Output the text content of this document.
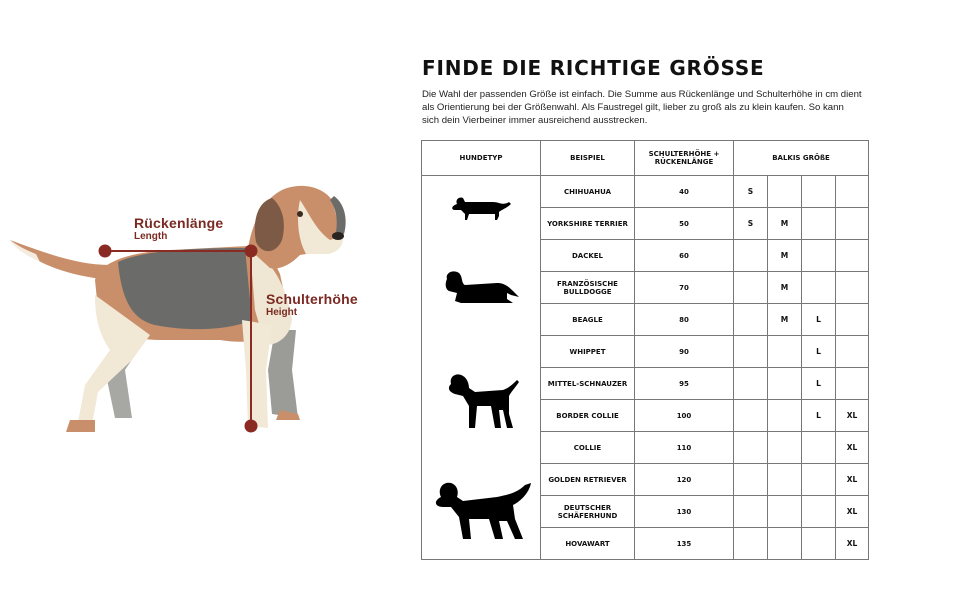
Rückenlänge
Length
Schulterhöhe
Height
FINDE DIE RICHTIGE GRÖSSE

Die Wahl der passenden Größe ist einfach. Die Summe aus Rückenlänge und Schulterhöhe in cm dient als Orientierung bei der Größenwahl. Als Faustregel gilt, lieber zu groß als zu klein kaufen. So kann sich dein Vierbeiner immer ausreichend ausstrecken.

HUNDETYP	BEISPIEL	SCHULTERHÖHE + RÜCKENLÄNGE	BALKIS GRÖßE			

	CHIHUAHUA	40	S			
	YORKSHIRE TERRIER	50	S	M		

	DACKEL	60		M		
	FRANZÖSISCHE BULLDOGGE	70		M		
	BEAGLE	80		M	L	

	WHIPPET	90			L	
	MITTEL-SCHNAUZER	95			L	
	BORDER COLLIE	100			L	XL
	COLLIE	110				XL

	GOLDEN RETRIEVER	120				XL
	DEUTSCHER SCHÄFERHUND	130				XL
	HOVAWART	135				XL
